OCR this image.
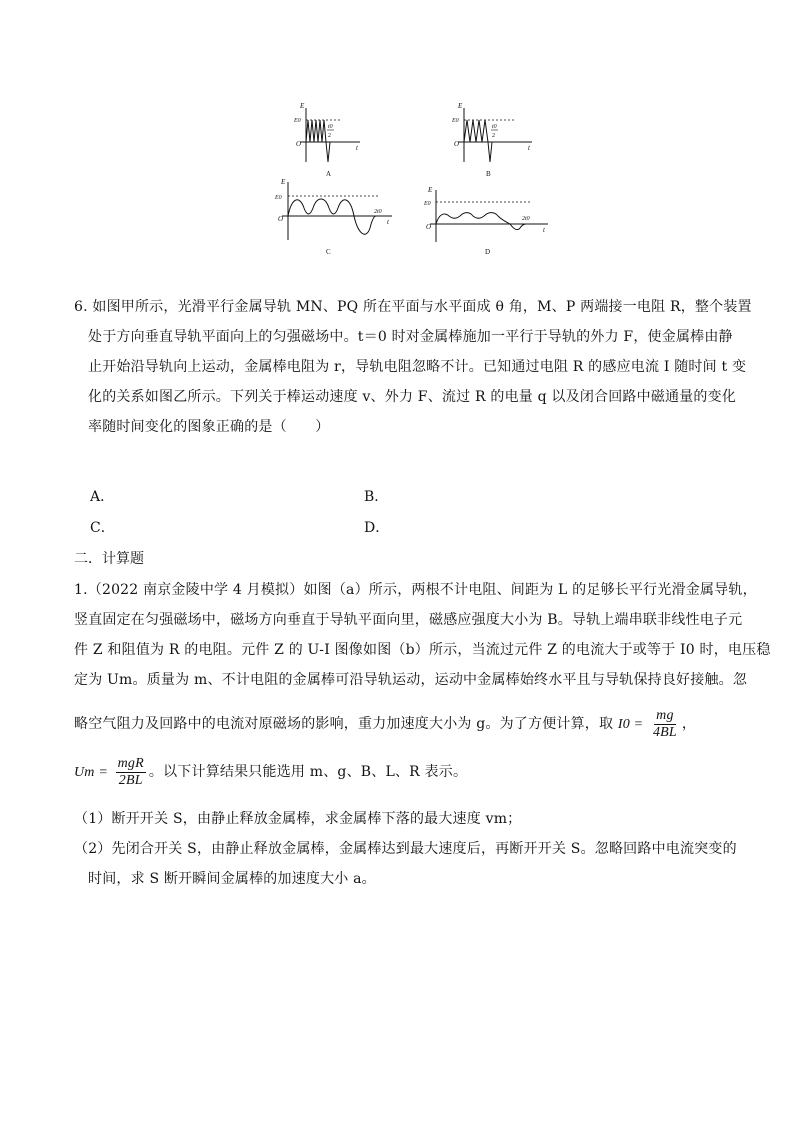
E
E0
O	t
t0
2
A
E
E0
O	t
t0
2
B
E
E0
O	t
2t0
C
E
E0
O	t
2t0
D
6. 如图甲所示，光滑平行金属导轨 MN、PQ 所在平面与水平面成 θ 角，M、P 两端接一电阻 R，整个装置
处于方向垂直导轨平面向上的匀强磁场中。t＝0 时对金属棒施加一平行于导轨的外力 F，使金属棒由静
止开始沿导轨向上运动，金属棒电阻为 r，导轨电阻忽略不计。已知通过电阻 R 的感应电流 I 随时间 t 变
化的关系如图乙所示。下列关于棒运动速度 v、外力 F、流过 R 的电量 q 以及闭合回路中磁通量的变化
率随时间变化的图象正确的是（　　）
A．	B．
C．	D．
二．计算题
1.（2022 南京金陵中学 4 月模拟）如图（a）所示，两根不计电阻、间距为 L 的足够长平行光滑金属导轨，
竖直固定在匀强磁场中，磁场方向垂直于导轨平面向里，磁感应强度大小为 B。导轨上端串联非线性电子元
件 Z 和阻值为 R 的电阻。元件 Z 的 U-I 图像如图（b）所示，当流过元件 Z 的电流大于或等于 I0 时，电压稳
定为 Um。质量为 m、不计电阻的金属棒可沿导轨运动，运动中金属棒始终水平且与导轨保持良好接触。忽
略空气阻力及回路中的电流对原磁场的影响，重力加速度大小为 g。为了方便计算，取 $I0 = \frac{mg}{4BL}$ ，
$Um = \frac{\text{mgR}}{2BL}$ 。以下计算结果只能选用 m、g、B、L、R 表示。
（1）断开开关 S，由静止释放金属棒，求金属棒下落的最大速度 vm；
（2）先闭合开关 S，由静止释放金属棒，金属棒达到最大速度后，再断开开关 S。忽略回路中电流突变的
时间，求 S 断开瞬间金属棒的加速度大小 a。
